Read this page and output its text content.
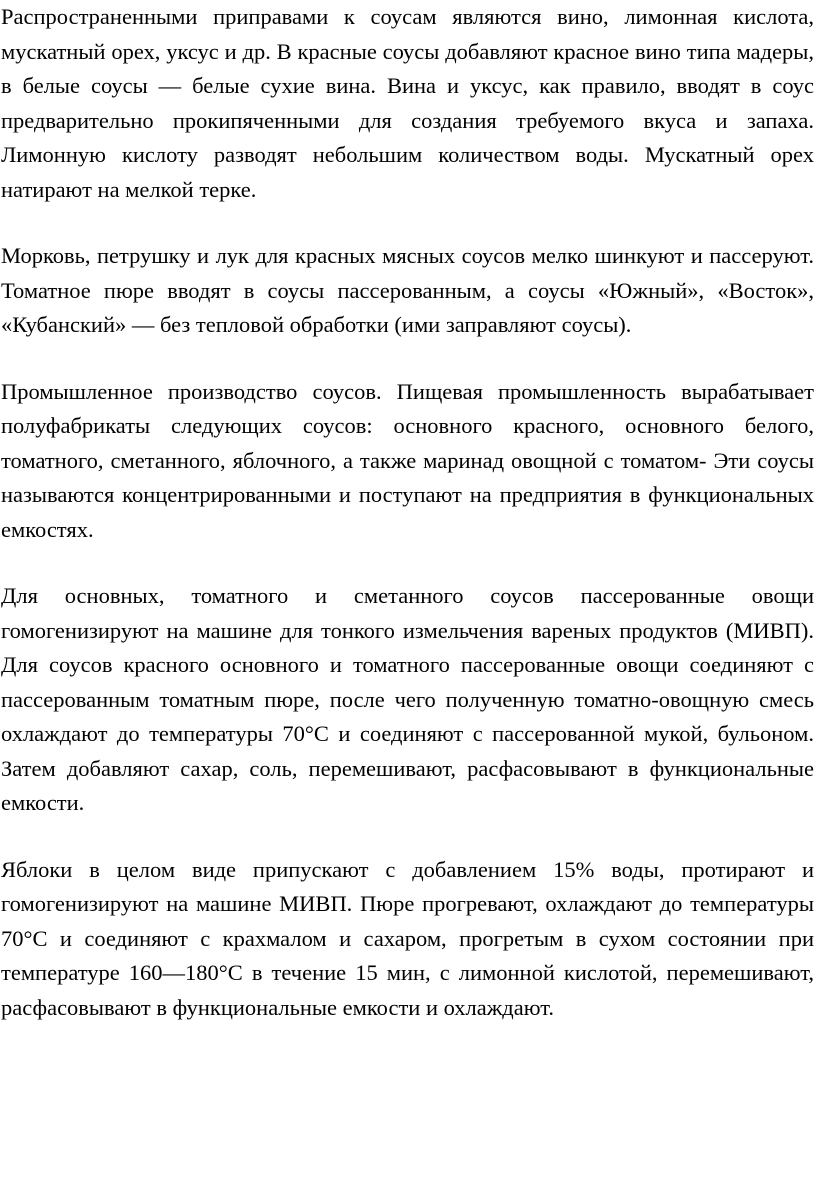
Распространенными приправами к соусам являются вино, лимонная кислота, мускатный орех, уксус и др. В красные соусы добавляют красное вино типа мадеры, в белые соусы — белые сухие вина. Вина и уксус, как правило, вводят в соус предварительно прокипяченными для создания требуемого вкуса и запаха. Лимонную кислоту разводят небольшим количеством воды. Мускатный орех натирают на мелкой терке.

Морковь, петрушку и лук для красных мясных соусов мелко шинкуют и пассеруют. Томатное пюре вводят в соусы пассерованным, а соусы «Южный», «Восток», «Кубанский» — без тепловой обработки (ими заправляют соусы).

Промышленное производство соусов. Пищевая промышленность вырабатывает полуфабрикаты следующих соусов: основного красного, основного белого, томатного, сметанного, яблочного, а также маринад овощной с томатом- Эти соусы называются концентрированными и поступают на предприятия в функциональных емкостях.

Для основных, томатного и сметанного соусов пассерованные овощи гомогенизируют на машине для тонкого измельчения вареных продуктов (МИВП). Для соусов красного основного и томатного пассерованные овощи соединяют с пассерованным томатным пюре, после чего полученную томатно-овощную смесь охлаждают до температуры 70°С и соединяют с пассерованной мукой, бульоном. Затем добавляют сахар, соль, перемешивают, расфасовывают в функциональные емкости.

Яблоки в целом виде припускают с добавлением 15% воды, протирают и гомогенизируют на машине МИВП. Пюре прогревают, охлаждают до температуры 70°С и соединяют с крахмалом и сахаром, прогретым в сухом состоянии при температуре 160—180°С в течение 15 мин, с лимонной кислотой, перемешивают, расфасовывают в функциональные емкости и охлаждают.
